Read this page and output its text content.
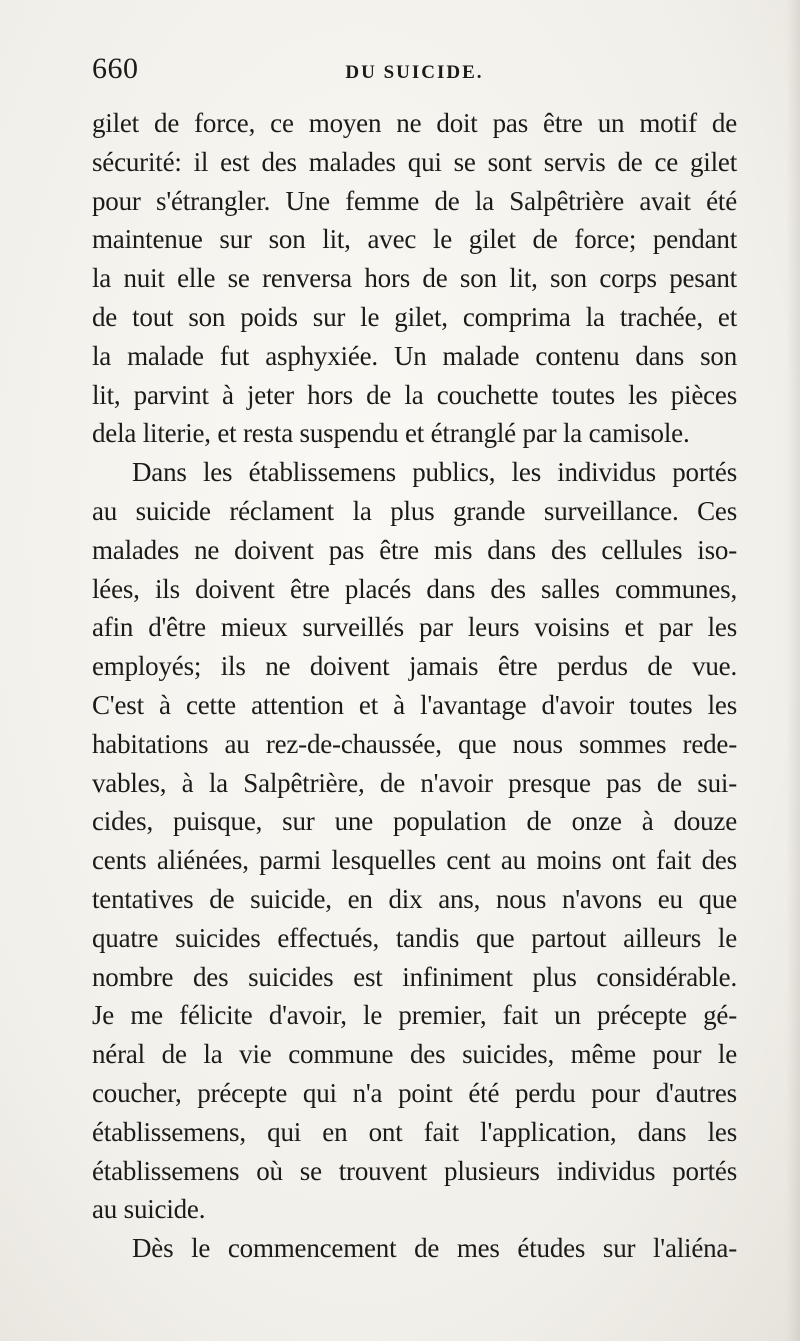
660	DU SUICIDE.
gilet de force, ce moyen ne doit pas être un motif de
sécurité: il est des malades qui se sont servis de ce gilet
pour s'étrangler. Une femme de la Salpêtrière avait été
maintenue sur son lit, avec le gilet de force; pendant
la nuit elle se renversa hors de son lit, son corps pesant
de tout son poids sur le gilet, comprima la trachée, et
la malade fut asphyxiée. Un malade contenu dans son
lit, parvint à jeter hors de la couchette toutes les pièces
dela literie, et resta suspendu et étranglé par la camisole.
Dans les établissemens publics, les individus portés
au suicide réclament la plus grande surveillance. Ces
malades ne doivent pas être mis dans des cellules iso-
lées, ils doivent être placés dans des salles communes,
afin d'être mieux surveillés par leurs voisins et par les
employés; ils ne doivent jamais être perdus de vue.
C'est à cette attention et à l'avantage d'avoir toutes les
habitations au rez-de-chaussée, que nous sommes rede-
vables, à la Salpêtrière, de n'avoir presque pas de sui-
cides, puisque, sur une population de onze à douze
cents aliénées, parmi lesquelles cent au moins ont fait des
tentatives de suicide, en dix ans, nous n'avons eu que
quatre suicides effectués, tandis que partout ailleurs le
nombre des suicides est infiniment plus considérable.
Je me félicite d'avoir, le premier, fait un précepte gé-
néral de la vie commune des suicides, même pour le
coucher, précepte qui n'a point été perdu pour d'autres
établissemens, qui en ont fait l'application, dans les
établissemens où se trouvent plusieurs individus portés
au suicide.
Dès le commencement de mes études sur l'aliéna-
